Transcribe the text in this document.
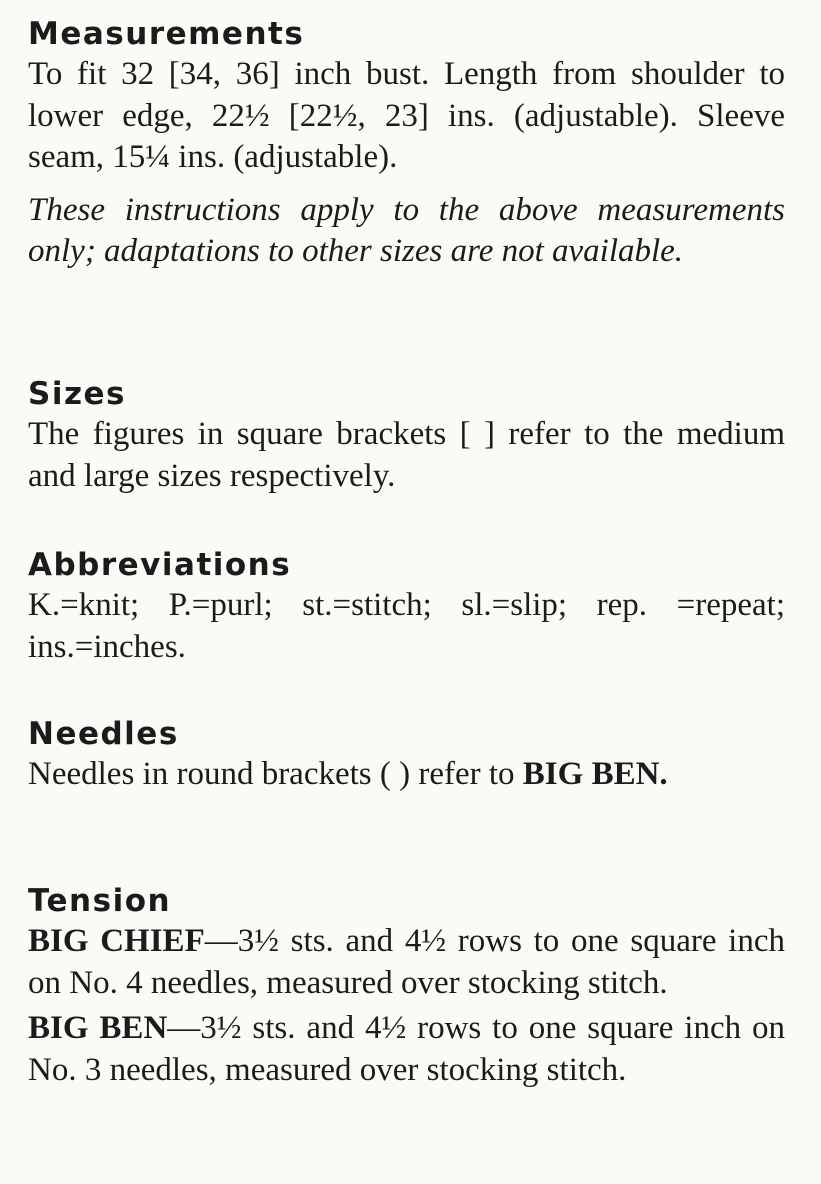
Measurements

To fit 32 [34, 36] inch bust. Length from shoulder to lower edge, 22½ [22½, 23] ins. (adjustable). Sleeve seam, 15¼ ins. (adjustable).

These instructions apply to the above measurements only; adaptations to other sizes are not available.

Sizes

The figures in square brackets [ ] refer to the medium and large sizes respectively.

Abbreviations

K.=knit; P.=purl; st.=stitch; sl.=slip; rep. =repeat; ins.=inches.

Needles

Needles in round brackets ( ) refer to BIG BEN.

Tension

BIG CHIEF—3½ sts. and 4½ rows to one square inch on No. 4 needles, measured over stocking stitch.

BIG BEN—3½ sts. and 4½ rows to one square inch on No. 3 needles, measured over stocking stitch.
